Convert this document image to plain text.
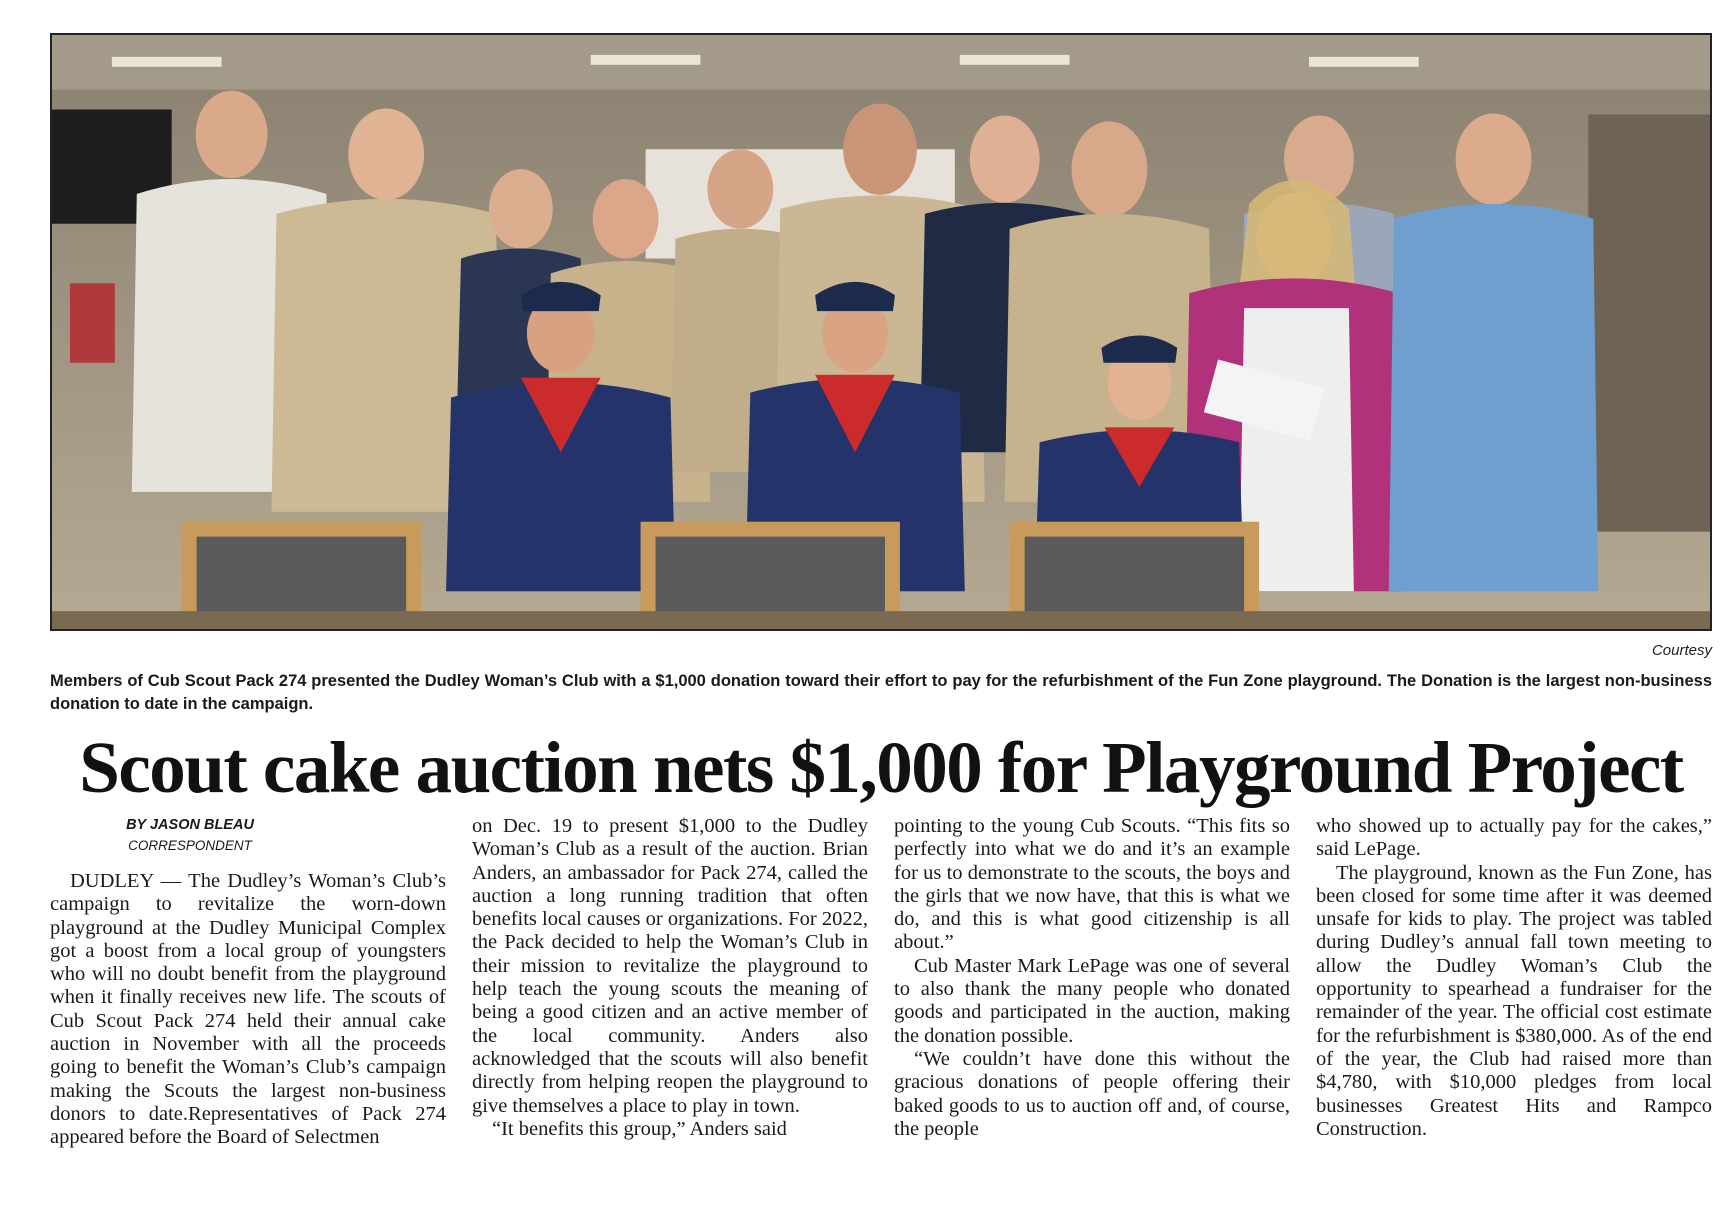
Courtesy
Members of Cub Scout Pack 274 presented the Dudley Woman’s Club with a $1,000 donation toward their effort to pay for the refurbishment of the Fun Zone playground. The Donation is the largest non-business donation to date in the campaign.
Scout cake auction nets $1,000 for Playground Project
BY JASON BLEAU
CORRESPONDENT

DUDLEY — The Dudley’s Woman’s Club’s campaign to revitalize the worn-down playground at the Dudley Municipal Complex got a boost from a local group of youngsters who will no doubt benefit from the playground when it finally receives new life. The scouts of Cub Scout Pack 274 held their annual cake auction in November with all the proceeds going to benefit the Woman’s Club’s campaign making the Scouts the largest non-business donors to date.Representatives of Pack 274 appeared before the Board of Selectmen

on Dec. 19 to present $1,000 to the Dudley Woman’s Club as a result of the auction. Brian Anders, an ambassador for Pack 274, called the auction a long running tradition that often benefits local causes or organizations. For 2022, the Pack decided to help the Woman’s Club in their mission to revitalize the playground to help teach the young scouts the meaning of being a good citizen and an active member of the local community. Anders also acknowledged that the scouts will also benefit directly from helping reopen the playground to give themselves a place to play in town.

“It benefits this group,” Anders said

pointing to the young Cub Scouts. “This fits so perfectly into what we do and it’s an example for us to demonstrate to the scouts, the boys and the girls that we now have, that this is what we do, and this is what good citizenship is all about.”

Cub Master Mark LePage was one of several to also thank the many people who donated goods and participated in the auction, making the donation possible.

“We couldn’t have done this without the gracious donations of people offering their baked goods to us to auction off and, of course, the people

who showed up to actually pay for the cakes,” said LePage.

The playground, known as the Fun Zone, has been closed for some time after it was deemed unsafe for kids to play. The project was tabled during Dudley’s annual fall town meeting to allow the Dudley Woman’s Club the opportunity to spearhead a fundraiser for the remainder of the year. The official cost estimate for the refurbishment is $380,000. As of the end of the year, the Club had raised more than $4,780, with $10,000 pledges from local businesses Greatest Hits and Rampco Construction.
